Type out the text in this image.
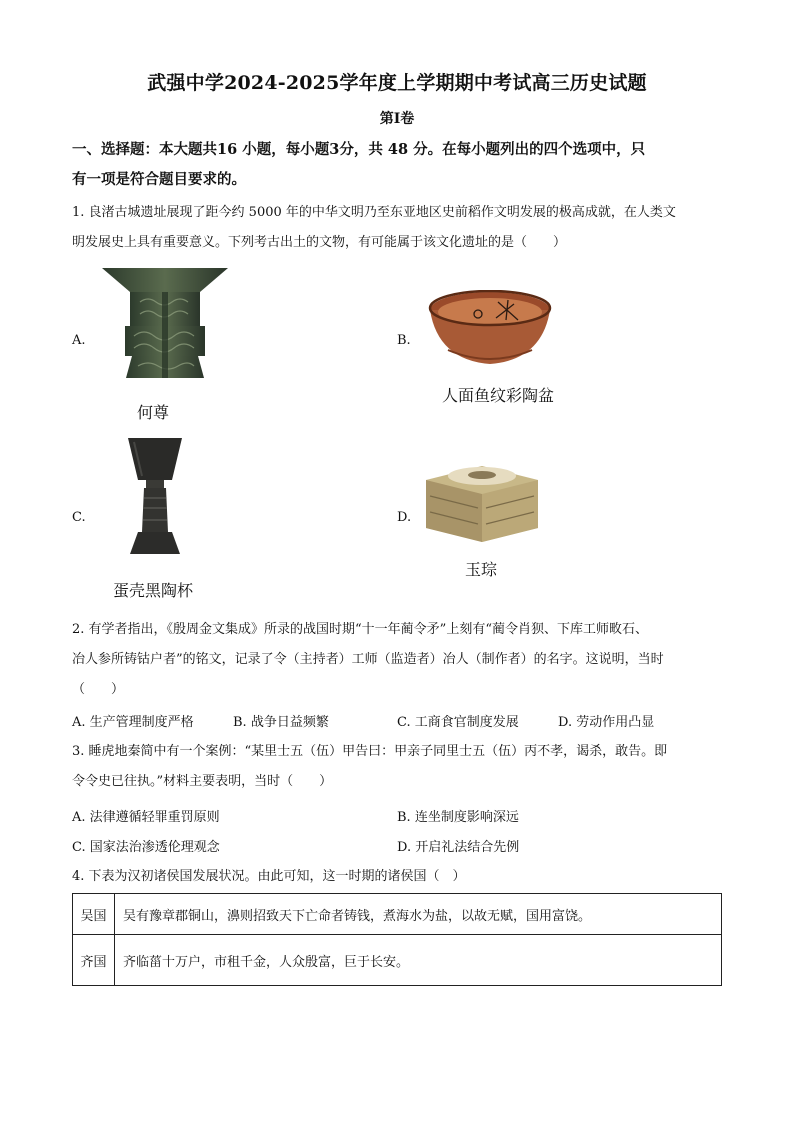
武强中学2024-2025学年度上学期期中考试高三历史试题
第Ⅰ卷
一、选择题：本大题共16 小题，每小题3分，共 48 分。在每小题列出的四个选项中，只
有一项是符合题目要求的。
1. 良渚古城遗址展现了距今约 5000 年的中华文明乃至东亚地区史前稻作文明发展的极高成就，在人类文
明发展史上具有重要意义。下列考古出土的文物，有可能属于该文化遗址的是（　　）
A.
何尊
B.
人面鱼纹彩陶盆
C.
蛋壳黑陶杯
D.
玉琮
2. 有学者指出，《殷周金文集成》所录的战国时期“十一年蔺令矛”上刻有“蔺令肖狈、下库工师畋石、
冶人参所铸钴户者”的铭文，记录了令（主持者）工师（监造者）冶人（制作者）的名字。这说明，当时
（　　）
A. 生产管理制度严格	B. 战争日益频繁	C. 工商食官制度发展	D. 劳动作用凸显
3. 睡虎地秦简中有一个案例：“某里士五（伍）甲告曰：甲亲子同里士五（伍）丙不孝，谒杀，敢告。即
令令史已往执。”材料主要表明，当时（　　）
A. 法律遵循轻罪重罚原则	B. 连坐制度影响深远
C. 国家法治渗透伦理观念	D. 开启礼法结合先例
4. 下表为汉初诸侯国发展状况。由此可知，这一时期的诸侯国（　）
吴国	吴有豫章郡铜山，濞则招致天下亡命者铸钱，煮海水为盐，以故无赋，国用富饶。
齐国	齐临菑十万户，市租千金，人众殷富，巨于长安。
